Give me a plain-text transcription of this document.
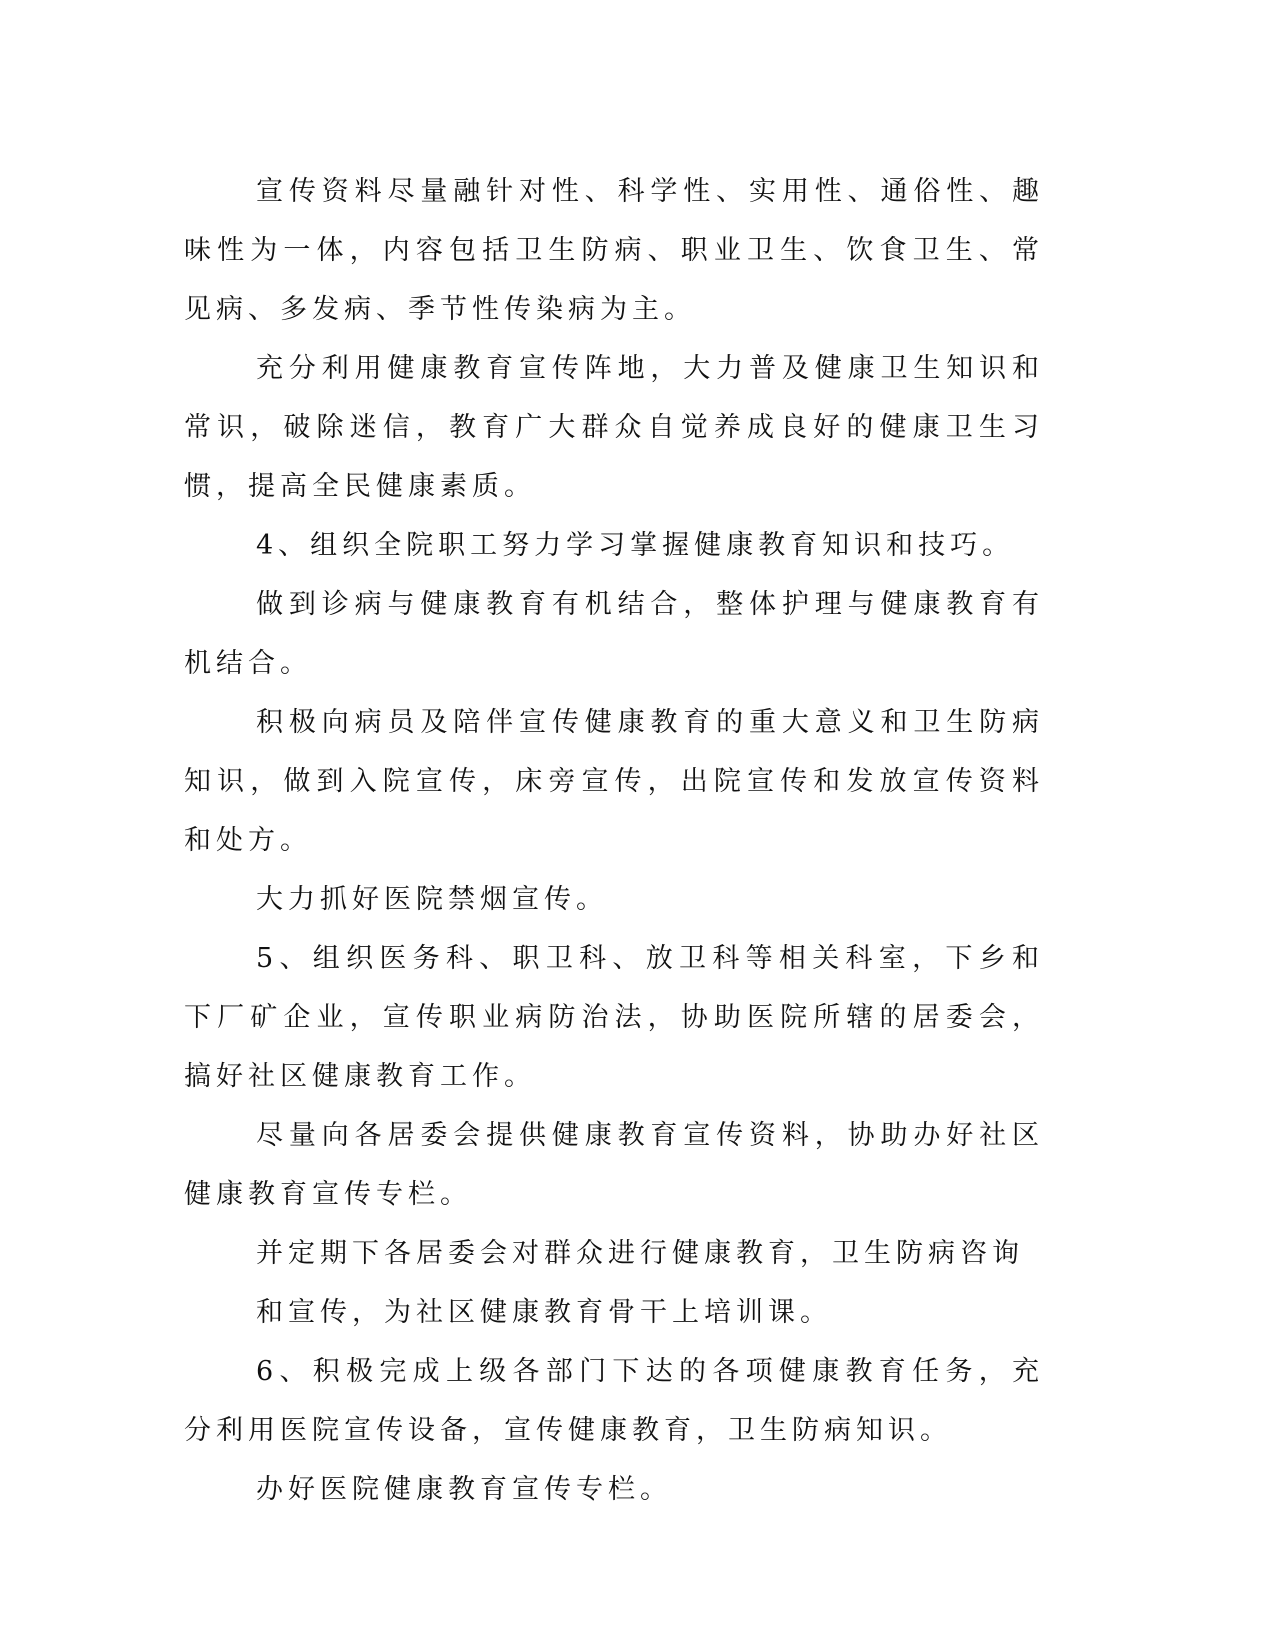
宣传资料尽量融针对性、科学性、实用性、通俗性、趣味性为一体，内容包括卫生防病、职业卫生、饮食卫生、常见病、多发病、季节性传染病为主。

充分利用健康教育宣传阵地，大力普及健康卫生知识和常识，破除迷信，教育广大群众自觉养成良好的健康卫生习惯，提高全民健康素质。

4、组织全院职工努力学习掌握健康教育知识和技巧。

做到诊病与健康教育有机结合，整体护理与健康教育有机结合。

积极向病员及陪伴宣传健康教育的重大意义和卫生防病知识，做到入院宣传，床旁宣传，出院宣传和发放宣传资料和处方。

大力抓好医院禁烟宣传。

5、组织医务科、职卫科、放卫科等相关科室，下乡和下厂矿企业，宣传职业病防治法，协助医院所辖的居委会，搞好社区健康教育工作。

尽量向各居委会提供健康教育宣传资料，协助办好社区健康教育宣传专栏。

并定期下各居委会对群众进行健康教育，卫生防病咨询

和宣传，为社区健康教育骨干上培训课。

6、积极完成上级各部门下达的各项健康教育任务，充分利用医院宣传设备，宣传健康教育，卫生防病知识。

办好医院健康教育宣传专栏。
